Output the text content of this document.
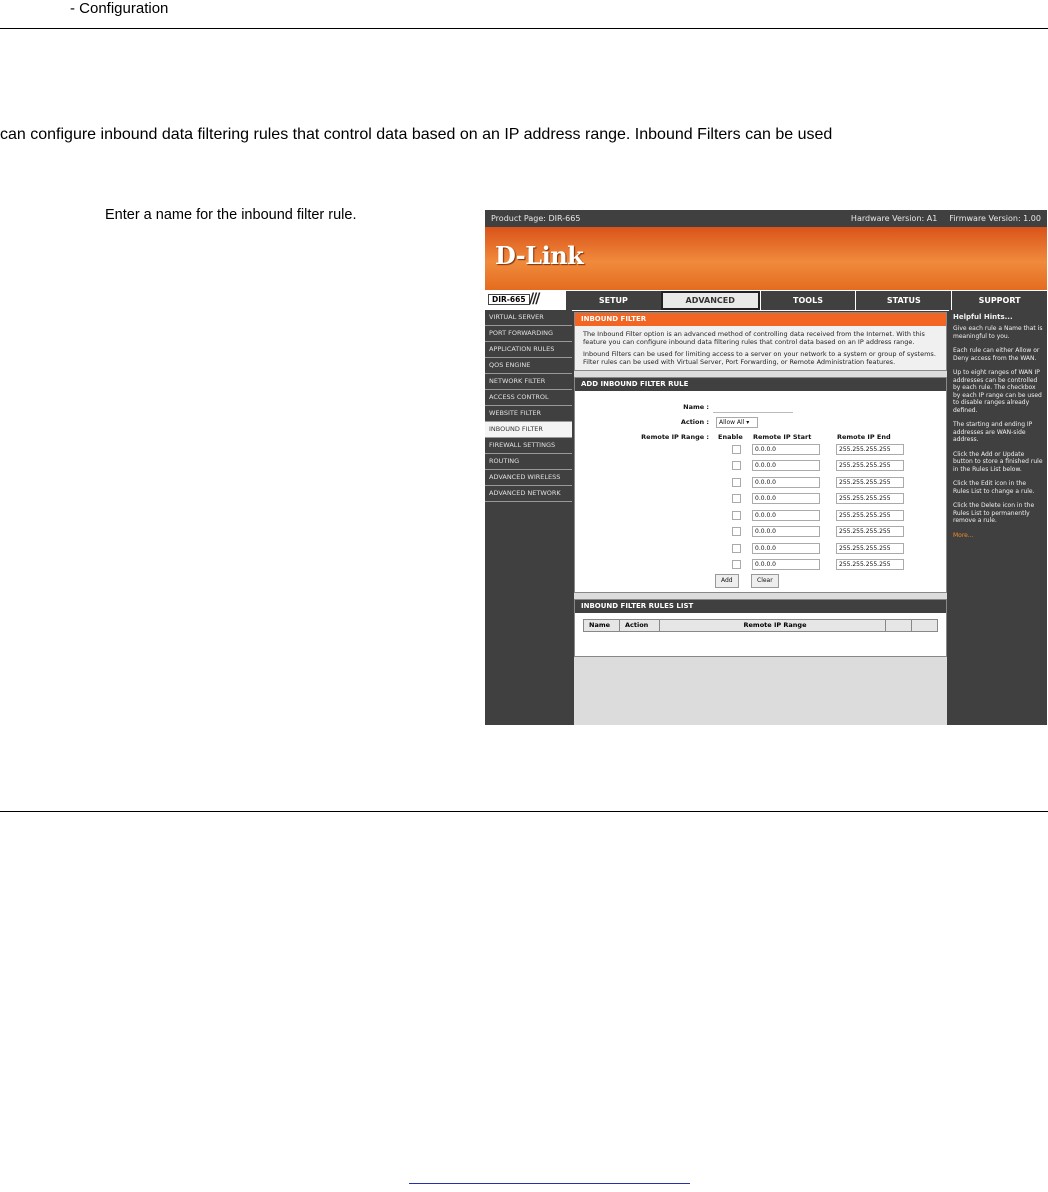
- Configuration
can configure inbound data filtering rules that control data based on an IP address range. Inbound Filters can be used
Enter a name for the inbound filter rule.	Product Page: DIR-665	Hardware Version: A1 Firmware Version: 1.00
D-Link
DIR-665 ///	SETUP	ADVANCED	TOOLS	STATUS	SUPPORT
VIRTUAL SERVER
PORT FORWARDING
APPLICATION RULES
QOS ENGINE
NETWORK FILTER
ACCESS CONTROL
WEBSITE FILTER
INBOUND FILTER
FIREWALL SETTINGS
ROUTING
ADVANCED WIRELESS
ADVANCED NETWORK
INBOUND FILTER

The Inbound Filter option is an advanced method of controlling data received from the Internet. With this feature you can configure inbound data filtering rules that control data based on an IP address range.

Inbound Filters can be used for limiting access to a server on your network to a system or group of systems. Filter rules can be used with Virtual Server, Port Forwarding, or Remote Administration features.

ADD INBOUND FILTER RULE
Name :
Action :	Allow All ▾
Remote IP Range : Enable Remote IP Start	Remote IP End
0.0.0.0	255.255.255.255
0.0.0.0	255.255.255.255
0.0.0.0	255.255.255.255
0.0.0.0	255.255.255.255
0.0.0.0	255.255.255.255
0.0.0.0	255.255.255.255
0.0.0.0	255.255.255.255
0.0.0.0	255.255.255.255
Add	Clear
INBOUND FILTER RULES LIST
Name	Action	Remote IP Range
Helpful Hints...

Give each rule a Name that is meaningful to you.

Each rule can either Allow or Deny access from the WAN.

Up to eight ranges of WAN IP addresses can be controlled by each rule. The checkbox by each IP range can be used to disable ranges already defined.

The starting and ending IP addresses are WAN-side address.

Click the Add or Update button to store a finished rule in the Rules List below.

Click the Edit icon in the Rules List to change a rule.

Click the Delete icon in the Rules List to permanently remove a rule.

More...
